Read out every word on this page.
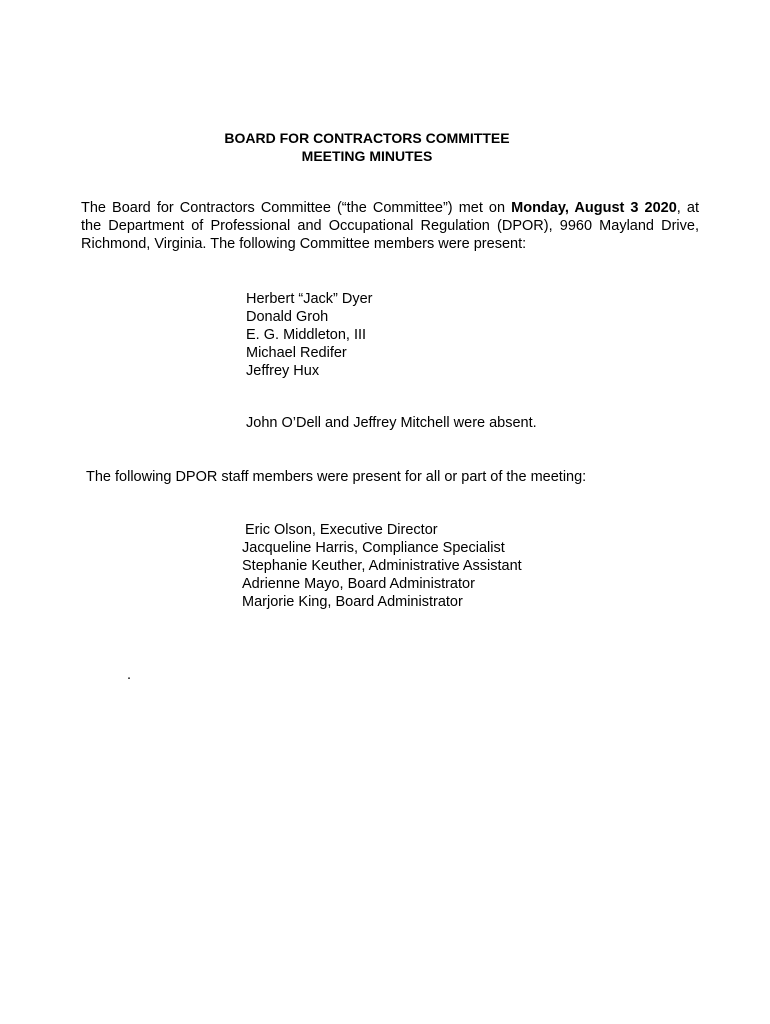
BOARD FOR CONTRACTORS COMMITTEE
MEETING MINUTES
The Board for Contractors Committee (“the Committee”) met on Monday, August 3 2020, at
the Department of Professional and Occupational Regulation (DPOR), 9960 Mayland Drive,
Richmond, Virginia. The following Committee members were present:
Herbert “Jack” Dyer
Donald Groh
E. G. Middleton, III
Michael Redifer
Jeffrey Hux
John O’Dell and Jeffrey Mitchell were absent.
The following DPOR staff members were present for all or part of the meeting:
Eric Olson, Executive Director
Jacqueline Harris, Compliance Specialist
Stephanie Keuther, Administrative Assistant
Adrienne Mayo, Board Administrator
Marjorie King, Board Administrator
.
